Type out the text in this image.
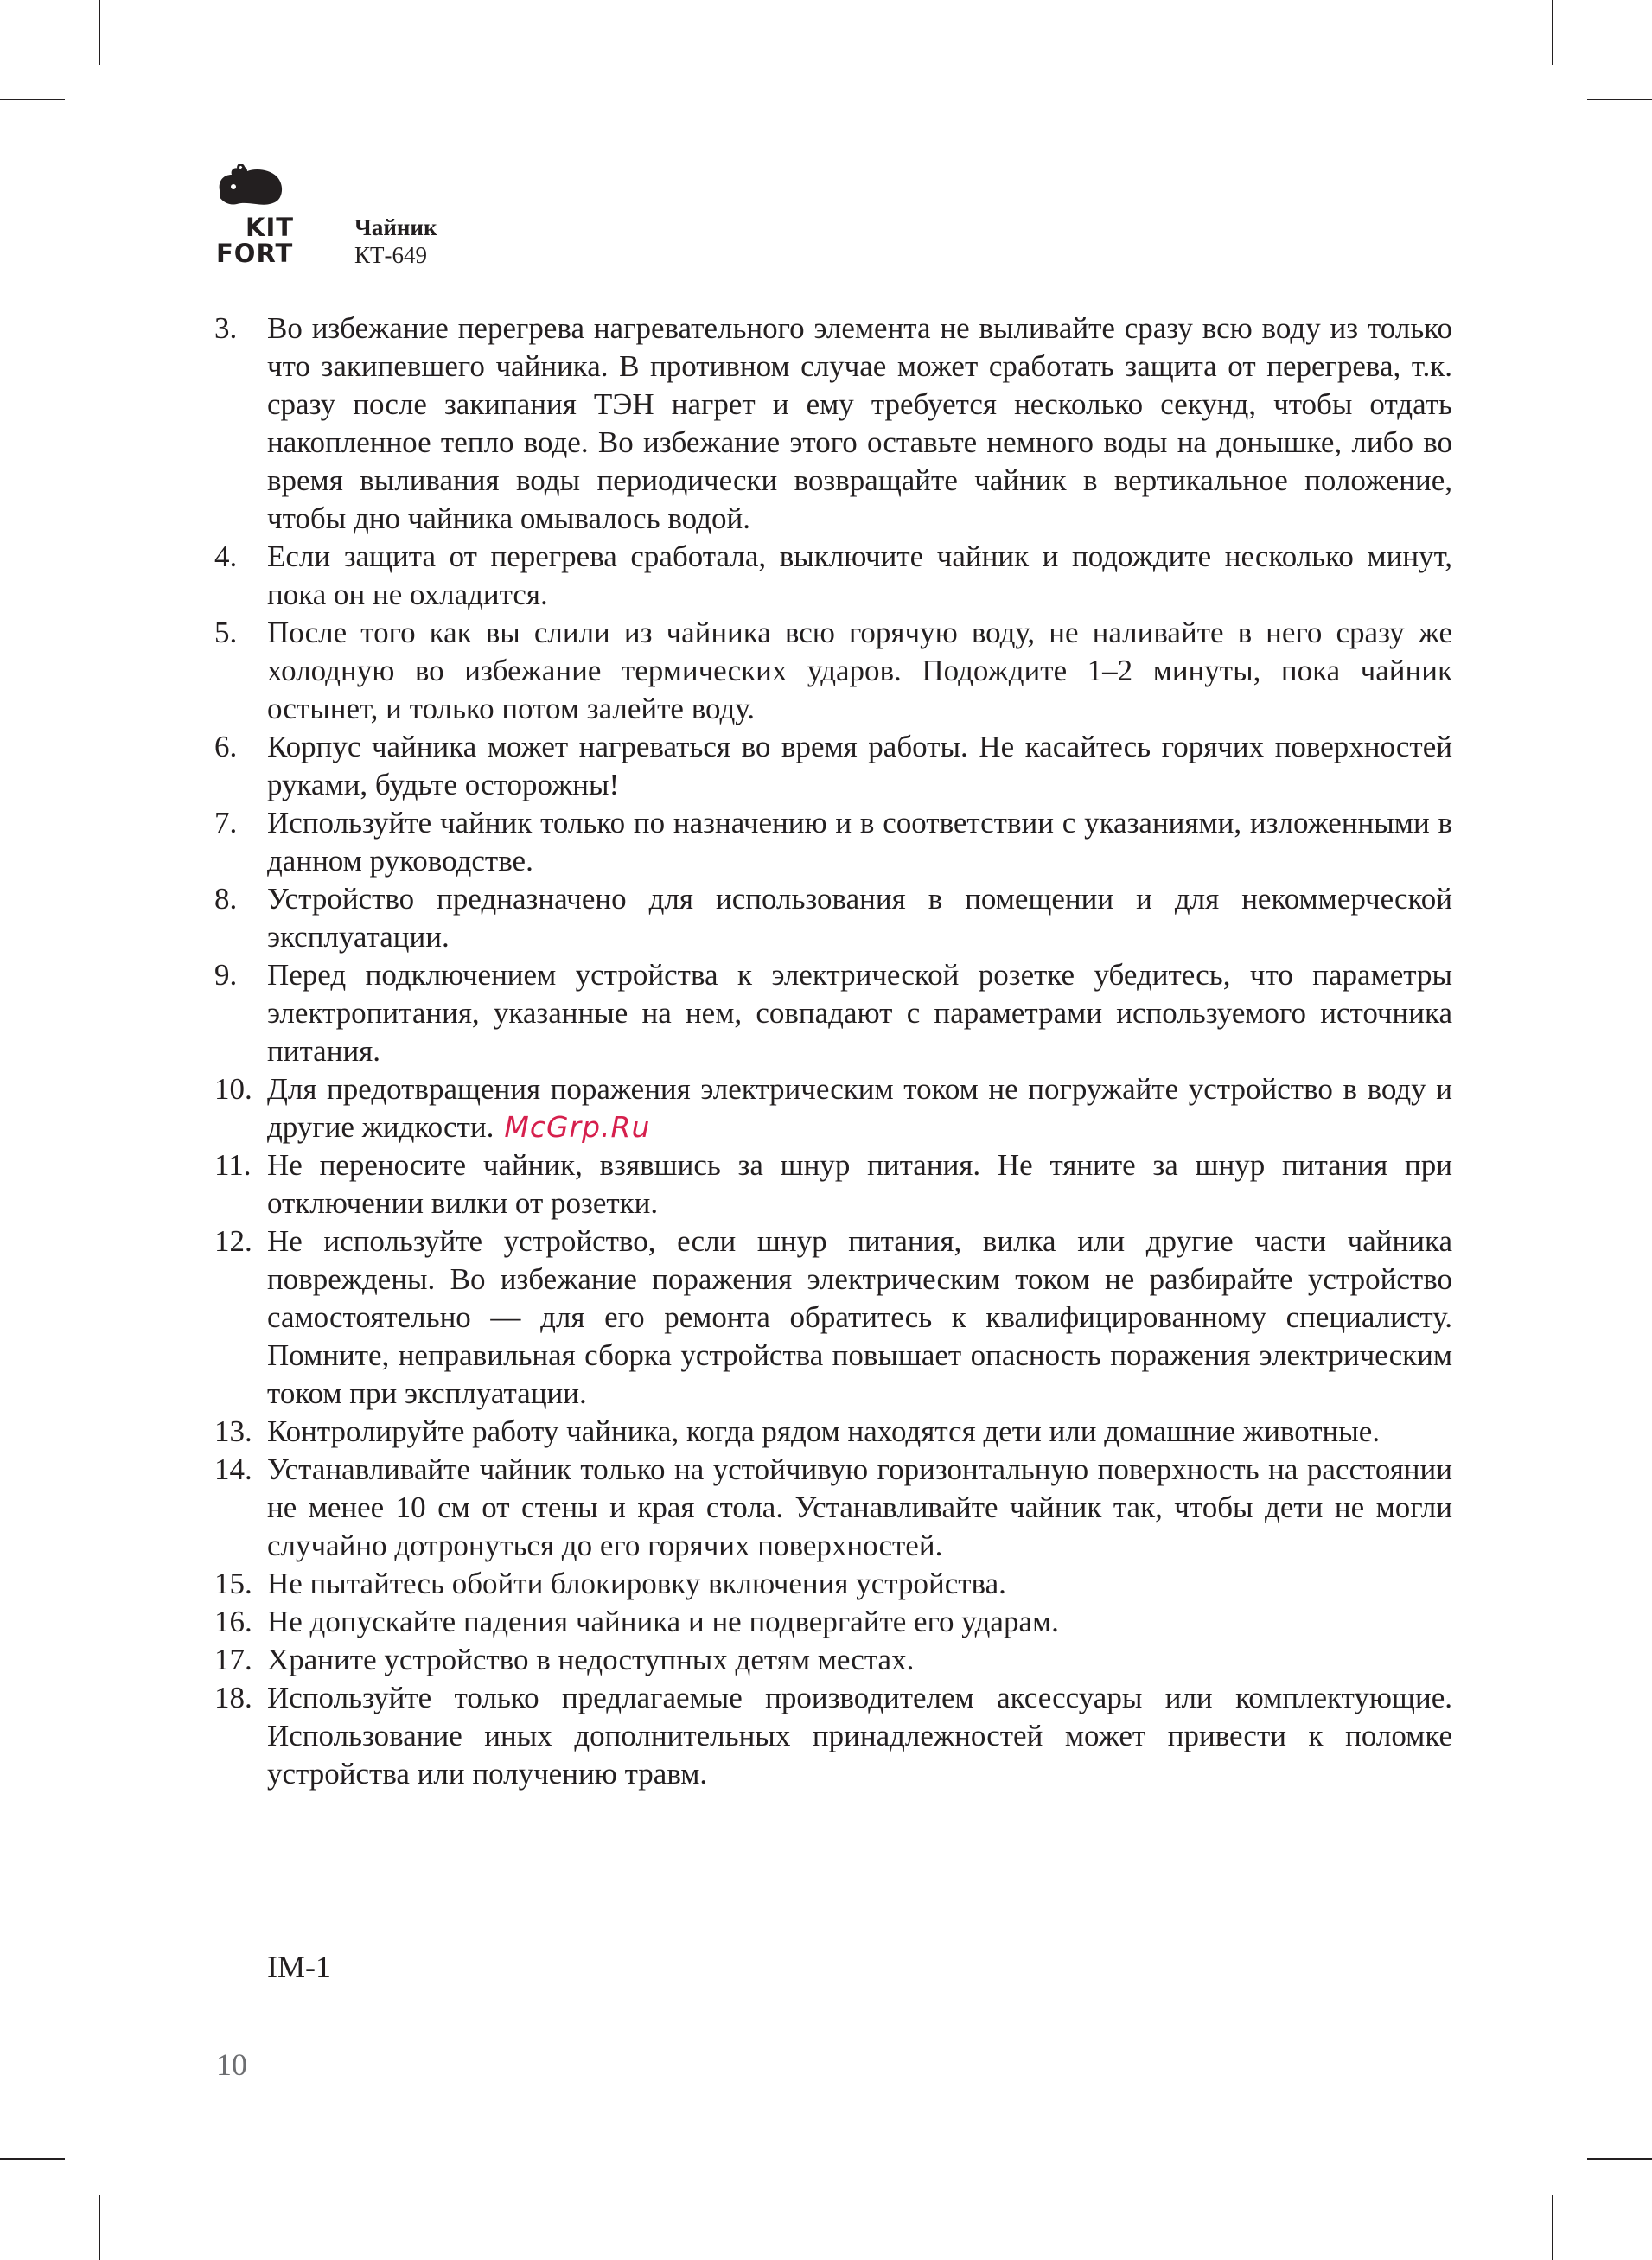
KIT
FORT
Чайник
КТ-649
3. Во избежание перегрева нагревательного элемента не выливайте сразу всю воду из только что закипевшего чайника. В противном случае может сработать защита от перегрева, т.к. сразу после закипания ТЭН нагрет и ему требуется несколько секунд, чтобы отдать накопленное тепло воде. Во избежание этого оставьте немного воды на донышке, либо во время выливания воды периодически возвращайте чайник в вертикальное положение, чтобы дно чайника омывалось водой.
4. Если защита от перегрева сработала, выключите чайник и подождите несколько минут, пока он не охладится.
5. После того как вы слили из чайника всю горячую воду, не наливайте в него сразу же холодную во избежание термических ударов. Подождите 1–2 минуты, пока чайник остынет, и только потом залейте воду.
6. Корпус чайника может нагреваться во время работы. Не касайтесь горячих поверхностей руками, будьте осторожны!
7. Используйте чайник только по назначению и в соответствии с указаниями, изложенными в данном руководстве.
8. Устройство предназначено для использования в помещении и для некоммерческой эксплуатации.
9. Перед подключением устройства к электрической розетке убедитесь, что параметры электропитания, указанные на нем, совпадают с параметрами используемого источника питания.
10. Для предотвращения поражения электрическим током не погружайте устройство в воду и другие жидкости. McGrp.Ru
11. Не переносите чайник, взявшись за шнур питания. Не тяните за шнур питания при отключении вилки от розетки.
12. Не используйте устройство, если шнур питания, вилка или другие части чайника повреждены. Во избежание поражения электрическим током не разбирайте устройство самостоятельно — для его ремонта обратитесь к квалифицированному специалисту. Помните, неправильная сборка устройства повышает опасность поражения электрическим током при эксплуатации.
13. Контролируйте работу чайника, когда рядом находятся дети или домашние животные.
14. Устанавливайте чайник только на устойчивую горизонтальную поверхность на расстоянии не менее 10 см от стены и края стола. Устанавливайте чайник так, чтобы дети не могли случайно дотронуться до его горячих поверхностей.
15. Не пытайтесь обойти блокировку включения устройства.
16. Не допускайте падения чайника и не подвергайте его ударам.
17. Храните устройство в недоступных детям местах.
18. Используйте только предлагаемые производителем аксессуары или комплектующие. Использование иных дополнительных принадлежностей может привести к поломке устройства или получению травм.
IM-1
10
